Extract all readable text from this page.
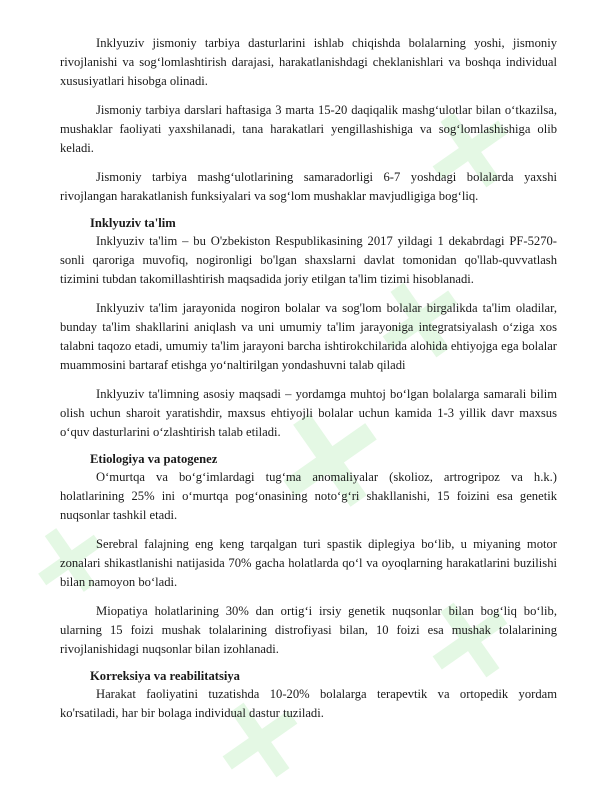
Inklyuziv jismoniy tarbiya dasturlarini ishlab chiqishda bolalarning yoshi, jismoniy rivojlanishi va sog‘lomlashtirish darajasi, harakatlanishdagi cheklanishlari va boshqa individual xususiyatlari hisobga olinadi.

Jismoniy tarbiya darslari haftasiga 3 marta 15-20 daqiqalik mashg‘ulotlar bilan o‘tkazilsa, mushaklar faoliyati yaxshilanadi, tana harakatlari yengillashishiga va sog‘lomlashishiga olib keladi.

Jismoniy tarbiya mashg‘ulotlarining samaradorligi 6-7 yoshdagi bolalarda yaxshi rivojlangan harakatlanish funksiyalari va sog‘lom mushaklar mavjudligiga bog‘liq.

Inklyuziv ta'lim

Inklyuziv ta'lim – bu O'zbekiston Respublikasining 2017 yildagi 1 dekabrdagi PF-5270-sonli qaroriga muvofiq, nogironligi bo'lgan shaxslarni davlat tomonidan qo'llab-quvvatlash tizimini tubdan takomillashtirish maqsadida joriy etilgan ta'lim tizimi hisoblanadi.

Inklyuziv ta'lim jarayonida nogiron bolalar va sog'lom bolalar birgalikda ta'lim oladilar, bunday ta'lim shakllarini aniqlash va uni umumiy ta'lim jarayoniga integratsiyalash o‘ziga xos talabni taqozo etadi, umumiy ta'lim jarayoni barcha ishtirokchilarida alohida ehtiyojga ega bolalar muammosini bartaraf etishga yo‘naltirilgan yondashuvni talab qiladi

Inklyuziv ta'limning asosiy maqsadi – yordamga muhtoj bo‘lgan bolalarga samarali bilim olish uchun sharoit yaratishdir, maxsus ehtiyojli bolalar uchun kamida 1-3 yillik davr maxsus o‘quv dasturlarini o‘zlashtirish talab etiladi.

Etiologiya va patogenez

O‘murtqa va bo‘g‘imlardagi tug‘ma anomaliyalar (skolioz, artrogripoz va h.k.) holatlarining 25% ini o‘murtqa pog‘onasining noto‘g‘ri shakllanishi, 15 foizini esa genetik nuqsonlar tashkil etadi.

Serebral falajning eng keng tarqalgan turi spastik diplegiya bo‘lib, u miyaning motor zonalari shikastlanishi natijasida 70% gacha holatlarda qo‘l va oyoqlarning harakatlarini buzilishi bilan namoyon bo‘ladi.

Miopatiya holatlarining 30% dan ortig‘i irsiy genetik nuqsonlar bilan bog‘liq bo‘lib, ularning 15 foizi mushak tolalarining distrofiyasi bilan, 10 foizi esa mushak tolalarining rivojlanishidagi nuqsonlar bilan izohlanadi.

Korreksiya va reabilitatsiya

Harakat faoliyatini tuzatishda 10-20% bolalarga terapevtik va ortopedik yordam ko'rsatiladi, har bir bolaga individual dastur tuziladi.
